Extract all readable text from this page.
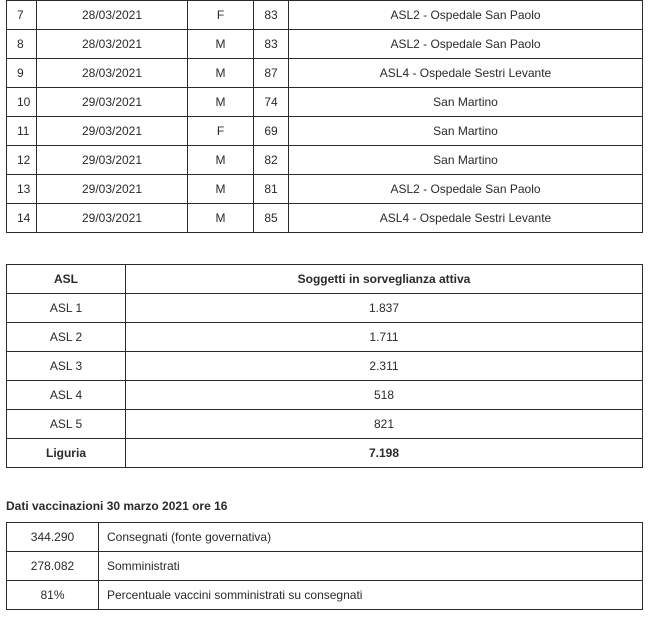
7	28/03/2021	F	83	ASL2 - Ospedale San Paolo
8	28/03/2021	M	83	ASL2 - Ospedale San Paolo
9	28/03/2021	M	87	ASL4 - Ospedale Sestri Levante
10	29/03/2021	M	74	San Martino
11	29/03/2021	F	69	San Martino
12	29/03/2021	M	82	San Martino
13	29/03/2021	M	81	ASL2 - Ospedale San Paolo
14	29/03/2021	M	85	ASL4 - Ospedale Sestri Levante
ASL	Soggetti in sorveglianza attiva
ASL 1	1.837
ASL 2	1.711
ASL 3	2.311
ASL 4	518
ASL 5	821
Liguria	7.198

Dati vaccinazioni 30 marzo 2021 ore 16

344.290	Consegnati (fonte governativa)
278.082	Somministrati
81%	Percentuale vaccini somministrati su consegnati
